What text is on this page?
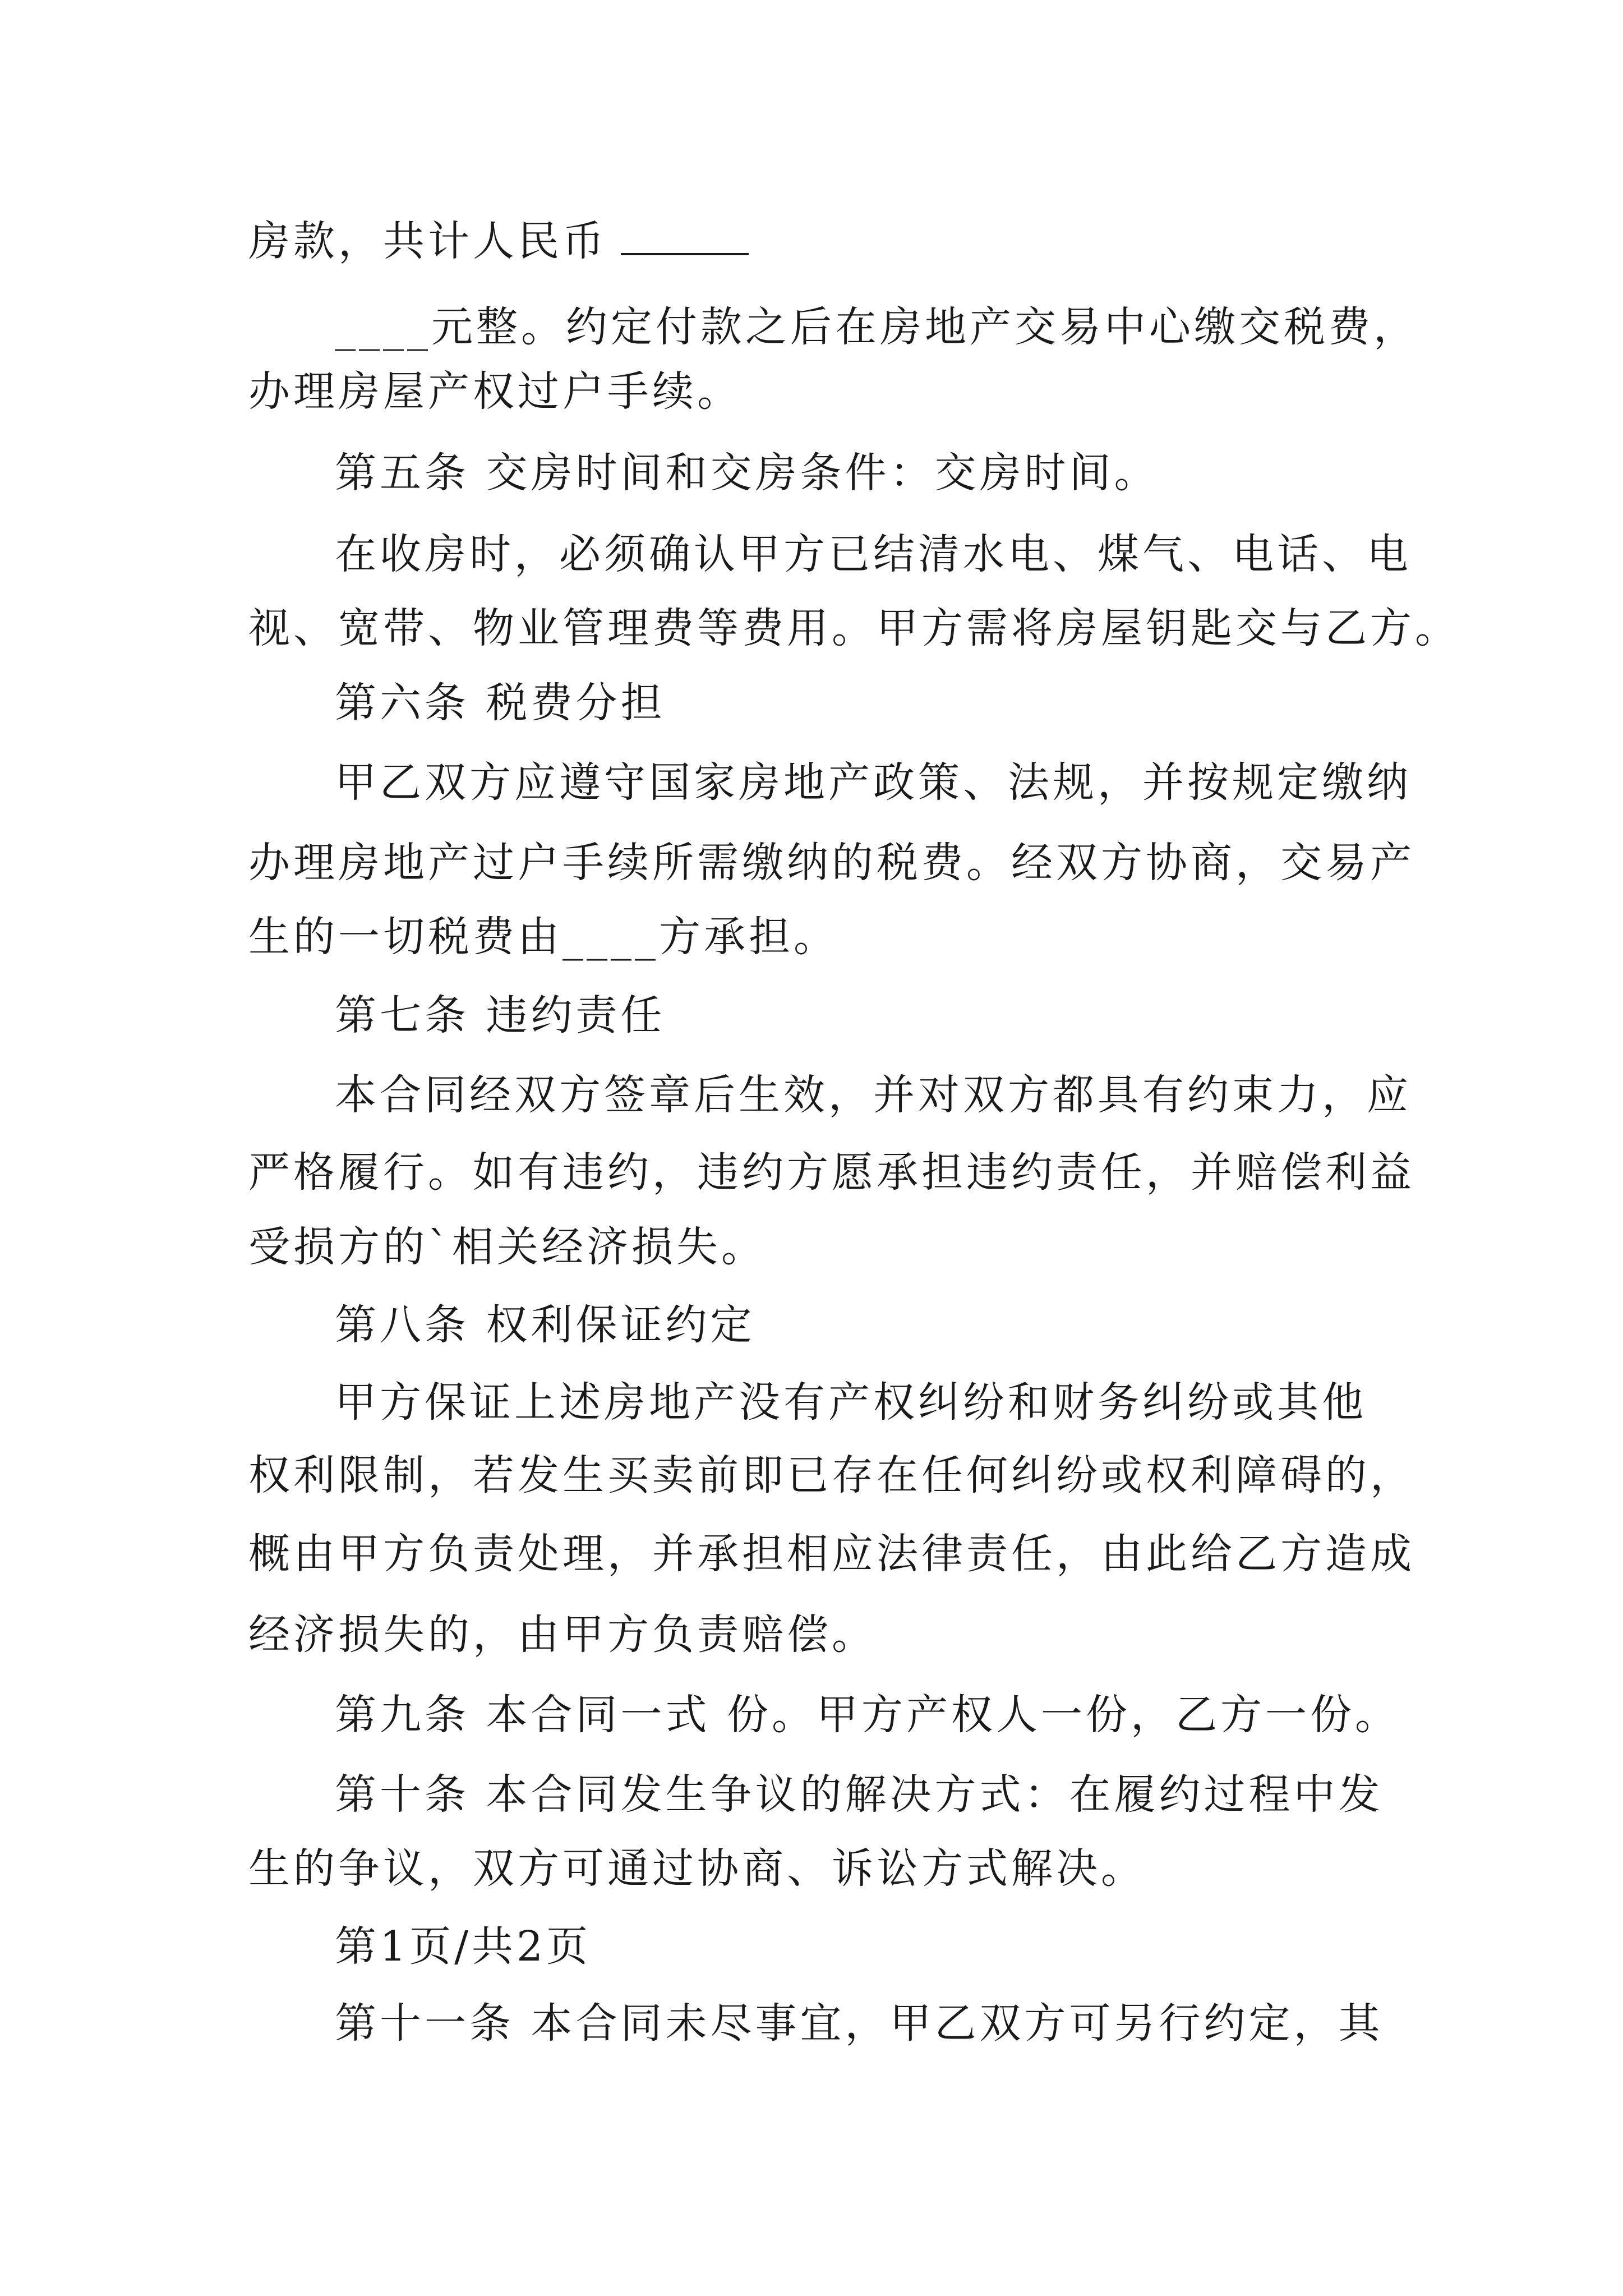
房款，共计人民币
____元整。约定付款之后在房地产交易中心缴交税费，
办理房屋产权过户手续。
第五条 交房时间和交房条件：交房时间。
在收房时，必须确认甲方已结清水电、煤气、电话、电
视、宽带、物业管理费等费用。甲方需将房屋钥匙交与乙方。
第六条 税费分担
甲乙双方应遵守国家房地产政策、法规，并按规定缴纳
办理房地产过户手续所需缴纳的税费。经双方协商，交易产
生的一切税费由____方承担。
第七条 违约责任
本合同经双方签章后生效，并对双方都具有约束力，应
严格履行。如有违约，违约方愿承担违约责任，并赔偿利益
受损方的`相关经济损失。
第八条 权利保证约定
甲方保证上述房地产没有产权纠纷和财务纠纷或其他
权利限制，若发生买卖前即已存在任何纠纷或权利障碍的，
概由甲方负责处理，并承担相应法律责任，由此给乙方造成
经济损失的，由甲方负责赔偿。
第九条 本合同一式 份。甲方产权人一份，乙方一份。
第十条 本合同发生争议的解决方式：在履约过程中发
生的争议，双方可通过协商、诉讼方式解决。
第1页/共2页
第十一条 本合同未尽事宜，甲乙双方可另行约定，其
